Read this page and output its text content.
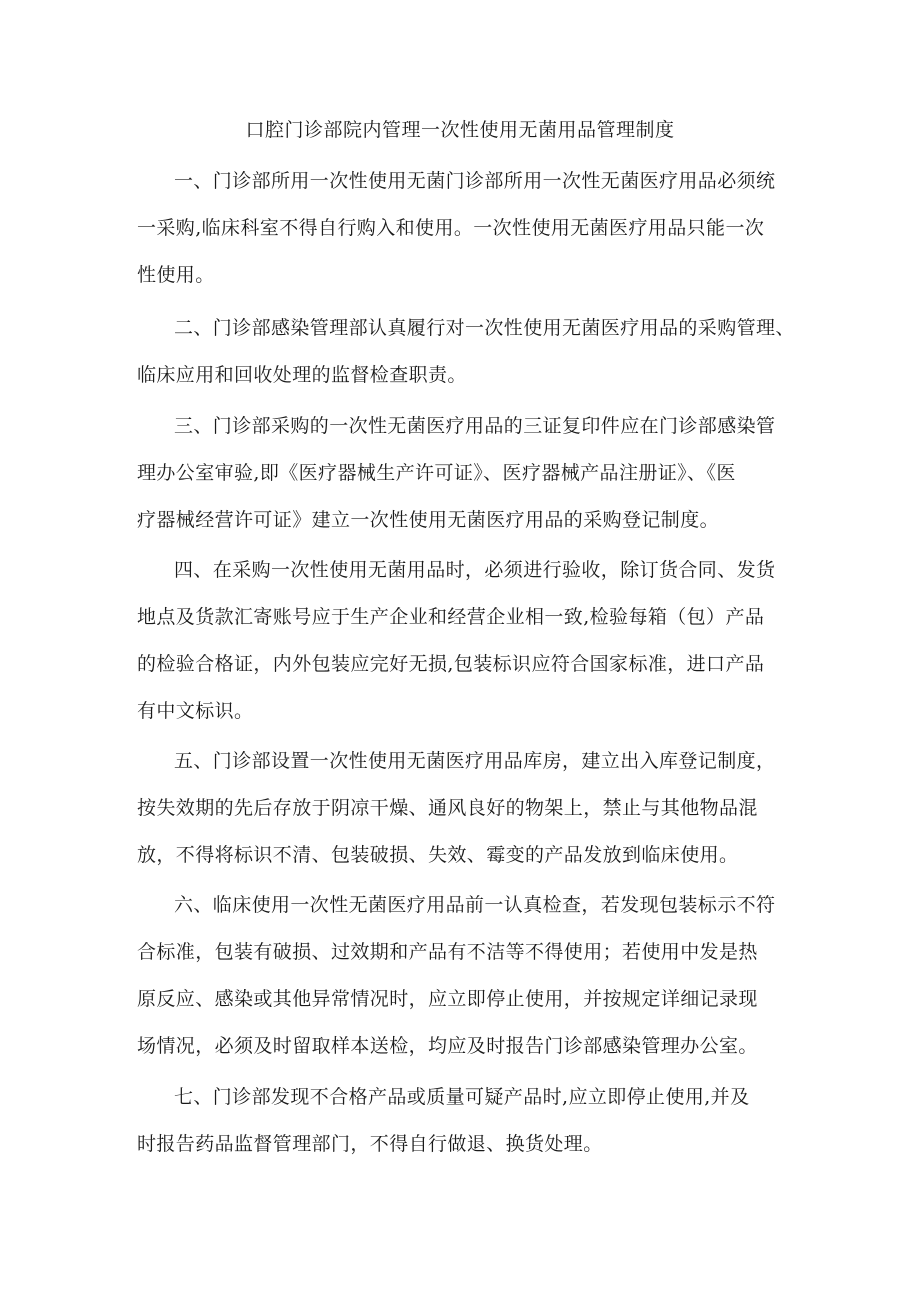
口腔门诊部院内管理一次性使用无菌用品管理制度
一、门诊部所用一次性使用无菌门诊部所用一次性无菌医疗用品必须统
一采购,临床科室不得自行购入和使用。一次性使用无菌医疗用品只能一次
性使用。
二、门诊部感染管理部认真履行对一次性使用无菌医疗用品的采购管理、
临床应用和回收处理的监督检查职责。
三、门诊部采购的一次性无菌医疗用品的三证复印件应在门诊部感染管
理办公室审验,即《医疗器械生产许可证》、医疗器械产品注册证》、《医
疗器械经营许可证》建立一次性使用无菌医疗用品的采购登记制度。
四、在采购一次性使用无菌用品时，必须进行验收，除订货合同、发货
地点及货款汇寄账号应于生产企业和经营企业相一致,检验每箱（包）产品
的检验合格证，内外包装应完好无损,包装标识应符合国家标准，进口产品
有中文标识。
五、门诊部设置一次性使用无菌医疗用品库房，建立出入库登记制度，
按失效期的先后存放于阴凉干燥、通风良好的物架上，禁止与其他物品混
放，不得将标识不清、包装破损、失效、霉变的产品发放到临床使用。
六、临床使用一次性无菌医疗用品前一认真检查，若发现包装标示不符
合标准，包装有破损、过效期和产品有不洁等不得使用；若使用中发是热
原反应、感染或其他异常情况时，应立即停止使用，并按规定详细记录现
场情况，必须及时留取样本送检，均应及时报告门诊部感染管理办公室。
七、门诊部发现不合格产品或质量可疑产品时,应立即停止使用,并及
时报告药品监督管理部门，不得自行做退、换货处理。
